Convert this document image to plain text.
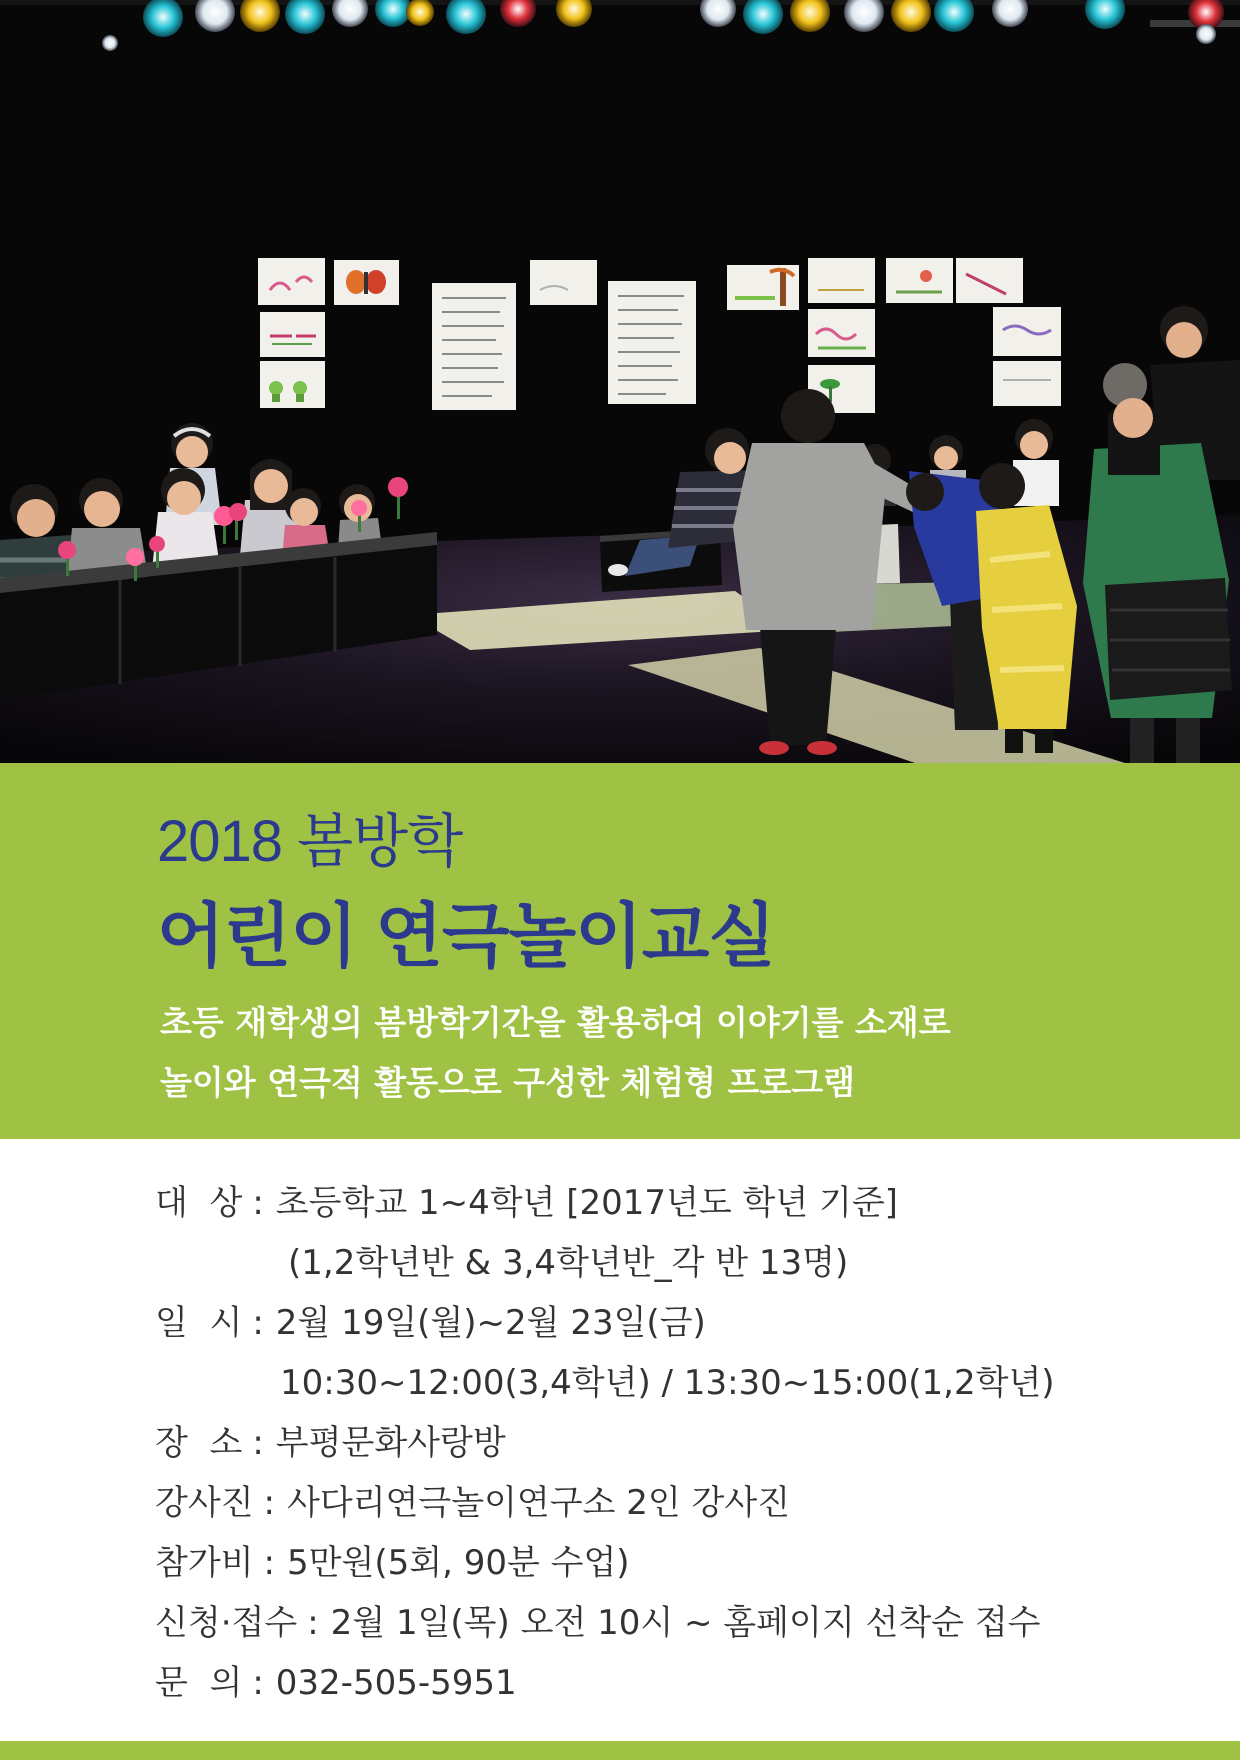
2018 봄방학
어린이 연극놀이교실

초등 재학생의 봄방학기간을 활용하여 이야기를 소재로

놀이와 연극적 활동으로 구성한 체험형 프로그램

대  상 : 초등학교 1~4학년 [2017년도 학년 기준]
(1,2학년반 & 3,4학년반_각 반 13명)
일  시 : 2월 19일(월)~2월 23일(금)
10:30~12:00(3,4학년) / 13:30~15:00(1,2학년)
장  소 : 부평문화사랑방
강사진 : 사다리연극놀이연구소 2인 강사진
참가비 : 5만원(5회, 90분 수업)
신청·접수 : 2월 1일(목) 오전 10시 ~ 홈페이지 선착순 접수
문  의 : 032-505-5951
